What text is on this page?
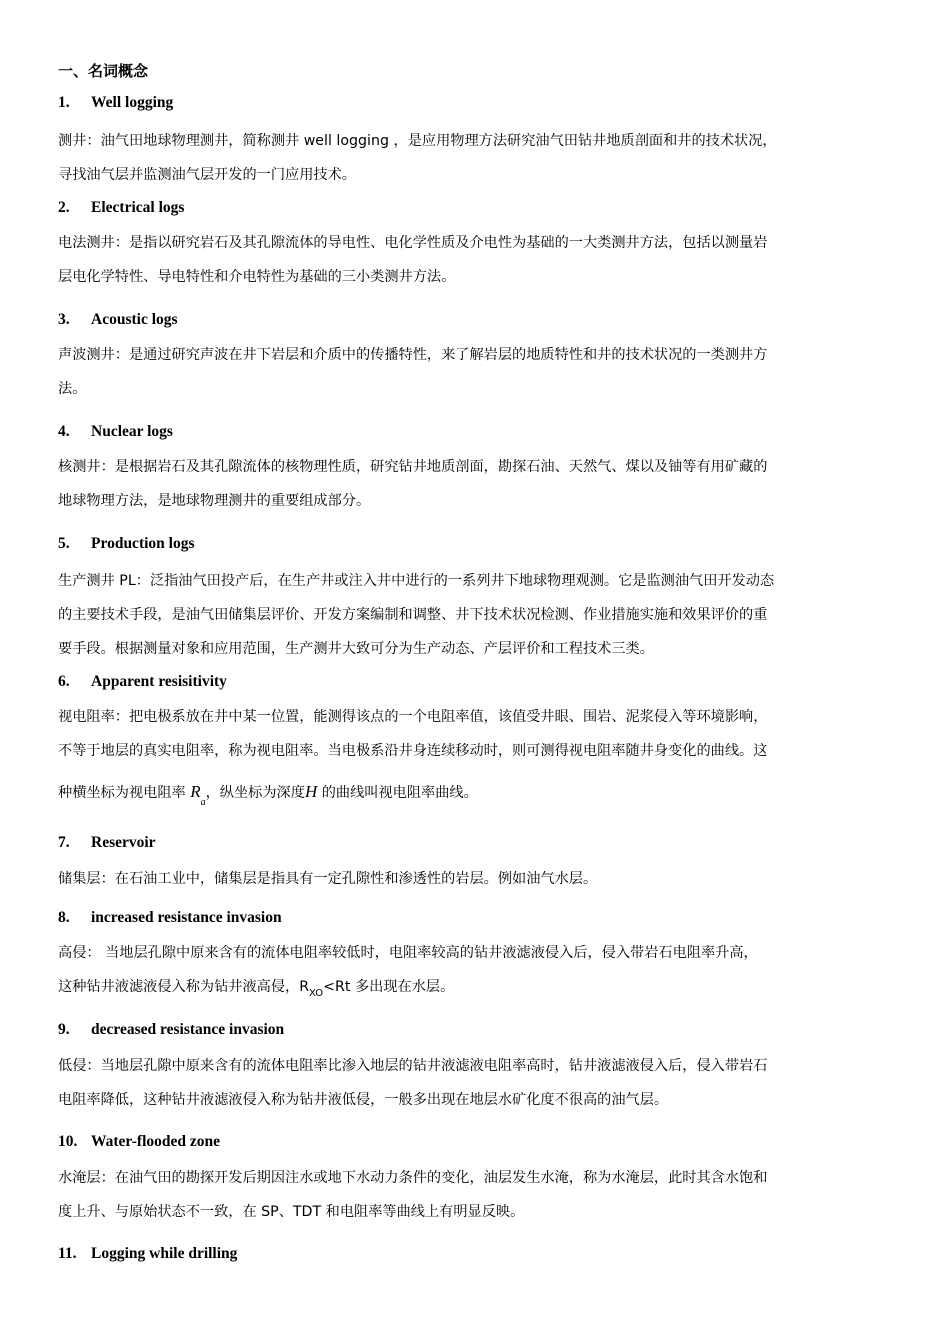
一、名词概念
1. Well logging
测井：油气田地球物理测井，简称测井 well logging ，是应用物理方法研究油气田钻井地质剖面和井的技术状况，
寻找油气层并监测油气层开发的一门应用技术。
2. Electrical logs
电法测井：是指以研究岩石及其孔隙流体的导电性、电化学性质及介电性为基础的一大类测井方法，包括以测量岩
层电化学特性、导电特性和介电特性为基础的三小类测井方法。
3. Acoustic logs
声波测井：是通过研究声波在井下岩层和介质中的传播特性，来了解岩层的地质特性和井的技术状况的一类测井方
法。
4. Nuclear logs
核测井：是根据岩石及其孔隙流体的核物理性质，研究钻井地质剖面，勘探石油、天然气、煤以及铀等有用矿藏的
地球物理方法，是地球物理测井的重要组成部分。
5. Production logs
生产测井 PL：泛指油气田投产后，在生产井或注入井中进行的一系列井下地球物理观测。它是监测油气田开发动态
的主要技术手段，是油气田储集层评价、开发方案编制和调整、井下技术状况检测、作业措施实施和效果评价的重
要手段。根据测量对象和应用范围，生产测井大致可分为生产动态、产层评价和工程技术三类。
6. Apparent resisitivity
视电阻率：把电极系放在井中某一位置，能测得该点的一个电阻率值，该值受井眼、围岩、泥浆侵入等环境影响，
不等于地层的真实电阻率，称为视电阻率。当电极系沿井身连续移动时，则可测得视电阻率随井身变化的曲线。这
种横坐标为视电阻率 $R_a$，纵坐标为深度H 的曲线叫视电阻率曲线。
7. Reservoir
储集层：在石油工业中，储集层是指具有一定孔隙性和渗透性的岩层。例如油气水层。
8. increased resistance invasion
高侵： 当地层孔隙中原来含有的流体电阻率较低时，电阻率较高的钻井液滤液侵入后，侵入带岩石电阻率升高，
这种钻井液滤液侵入称为钻井液高侵，$R_{XO}<Rt$ 多出现在水层。
9. decreased resistance invasion
低侵：当地层孔隙中原来含有的流体电阻率比渗入地层的钻井液滤液电阻率高时，钻井液滤液侵入后，侵入带岩石
电阻率降低，这种钻井液滤液侵入称为钻井液低侵，一般多出现在地层水矿化度不很高的油气层。
10. Water-flooded zone
水淹层：在油气田的勘探开发后期因注水或地下水动力条件的变化，油层发生水淹，称为水淹层，此时其含水饱和
度上升、与原始状态不一致，在 SP、TDT 和电阻率等曲线上有明显反映。
11. Logging while drilling
